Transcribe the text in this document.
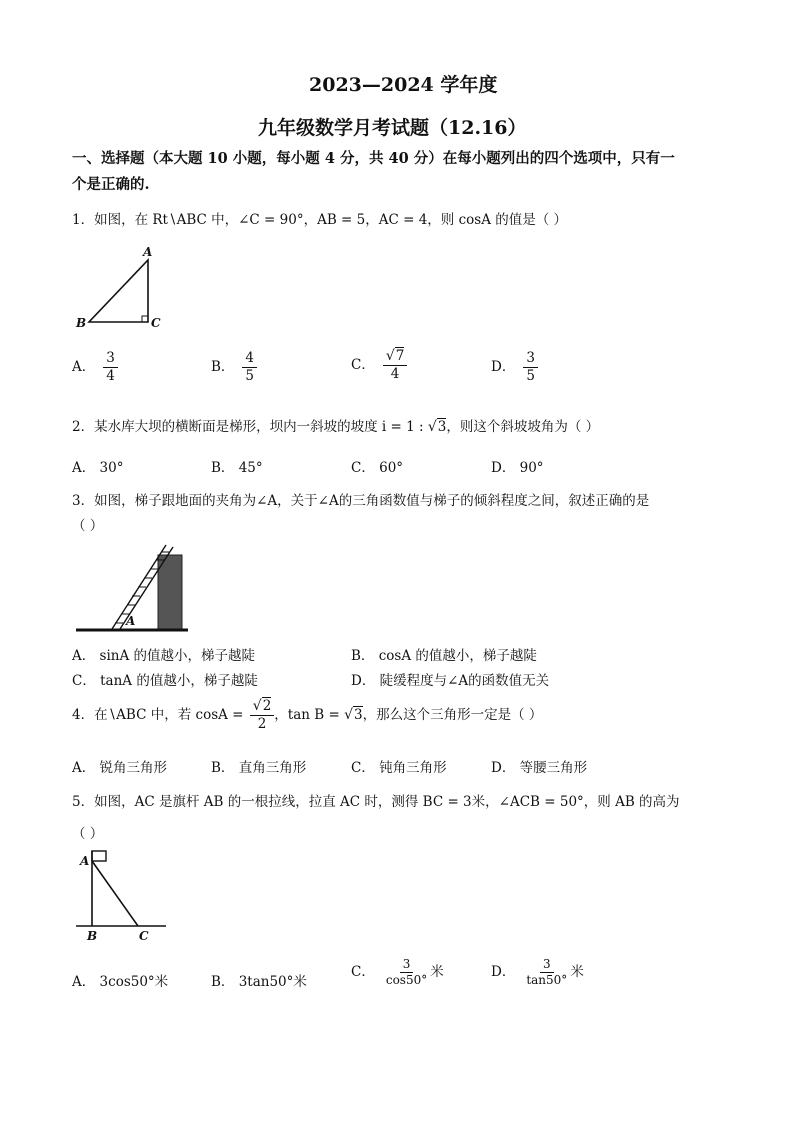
2023—2024 学年度
九年级数学月考试题（12.16）
一、选择题（本大题 10 小题，每小题 4 分，共 40 分）在每小题列出的四个选项中，只有一
个是正确的.
1．如图，在 Rt∖ABC 中，∠C = 90°，AB = 5，AC = 4，则 cosA 的值是（ ）
A
B	C
A． $\frac{3}{4}$	B． $\frac{4}{5}$	C． $\frac{√7}{4}$	D． $\frac{3}{5}$
2．某水库大坝的横断面是梯形，坝内一斜坡的坡度 i = 1 : √3，则这个斜坡坡角为（ ）
A． 30°	B． 45°	C． 60°	D． 90°
3．如图，梯子跟地面的夹角为∠A，关于∠A的三角函数值与梯子的倾斜程度之间，叙述正确的是
（ ）
A
A． sinA 的值越小，梯子越陡	B． cosA 的值越小，梯子越陡
C． tanA 的值越小，梯子越陡	D． 陡缓程度与∠A的函数值无关
4．在∖ABC 中，若 $\cos A = \frac{√2}{2}$ ，tan B = √3，那么这个三角形一定是（ ）
A． 锐角三角形	B． 直角三角形	C． 钝角三角形	D． 等腰三角形
5．如图，AC 是旗杆 AB 的一根拉线，拉直 AC 时，测得 BC = 3米，∠ACB = 50°，则 AB 的高为
（ ）
A
B	C
A． 3cos50°米	B． 3tan50°米
C． $\frac{3}{\cos 50^\circ}$ 米	D． $\frac{3}{\tan 50^\circ}$ 米
